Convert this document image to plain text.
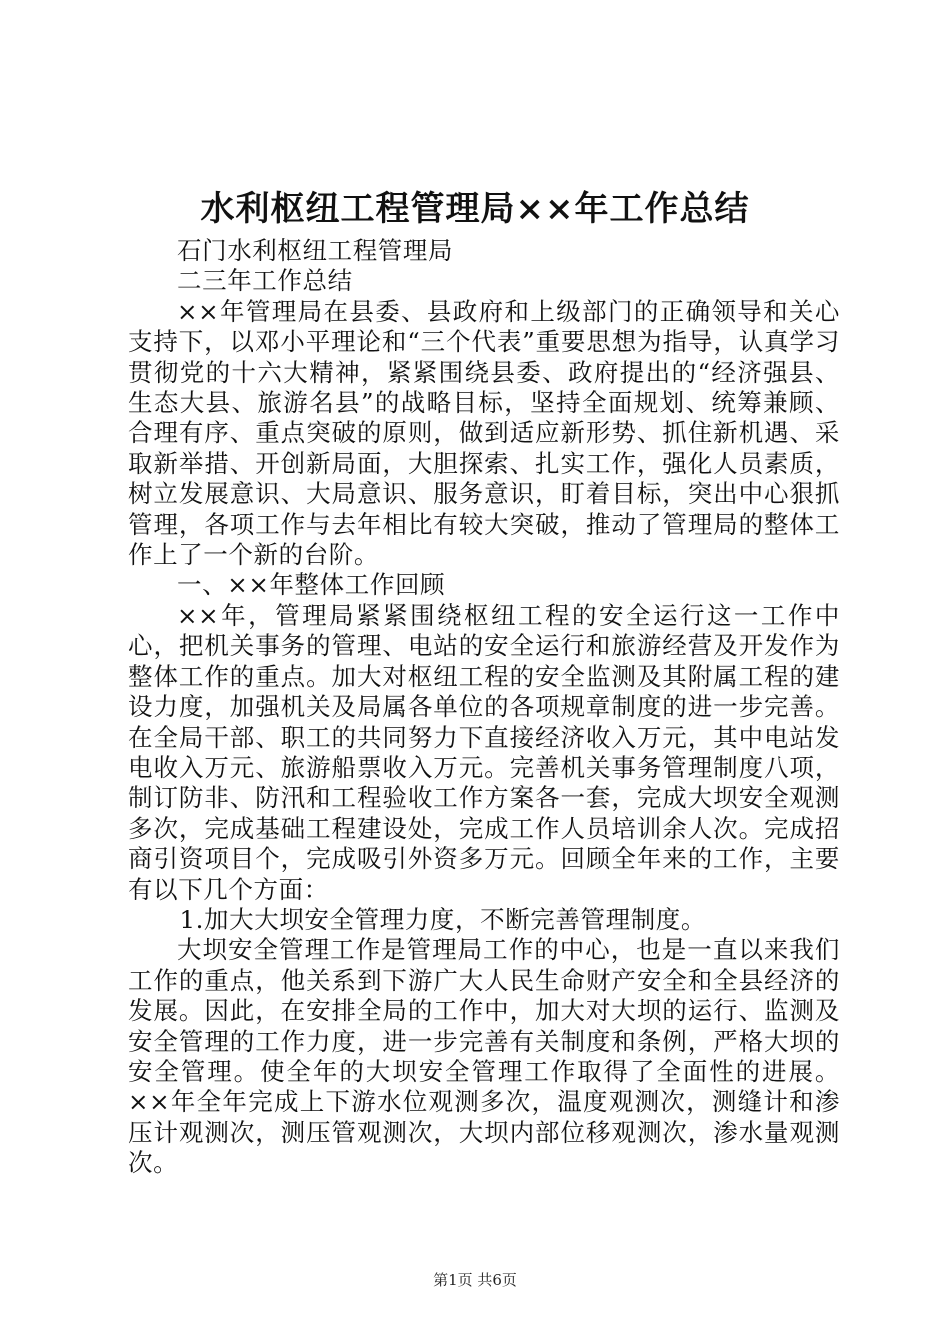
水利枢纽工程管理局××年工作总结

石门水利枢纽工程管理局

二三年工作总结

××年管理局在县委、县政府和上级部门的正确领导和关心支持下，以邓小平理论和“三个代表”重要思想为指导，认真学习贯彻党的十六大精神，紧紧围绕县委、政府提出的“经济强县、生态大县、旅游名县”的战略目标，坚持全面规划、统筹兼顾、合理有序、重点突破的原则，做到适应新形势、抓住新机遇、采取新举措、开创新局面，大胆探索、扎实工作，强化人员素质，树立发展意识、大局意识、服务意识，盯着目标，突出中心狠抓管理，各项工作与去年相比有较大突破，推动了管理局的整体工作上了一个新的台阶。

一、××年整体工作回顾

××年，管理局紧紧围绕枢纽工程的安全运行这一工作中心，把机关事务的管理、电站的安全运行和旅游经营及开发作为整体工作的重点。加大对枢纽工程的安全监测及其附属工程的建设力度，加强机关及局属各单位的各项规章制度的进一步完善。在全局干部、职工的共同努力下直接经济收入万元，其中电站发电收入万元、旅游船票收入万元。完善机关事务管理制度八项，制订防非、防汛和工程验收工作方案各一套，完成大坝安全观测多次，完成基础工程建设处，完成工作人员培训余人次。完成招商引资项目个，完成吸引外资多万元。回顾全年来的工作，主要有以下几个方面：

1.加大大坝安全管理力度，不断完善管理制度。

大坝安全管理工作是管理局工作的中心，也是一直以来我们工作的重点，他关系到下游广大人民生命财产安全和全县经济的发展。因此，在安排全局的工作中，加大对大坝的运行、监测及安全管理的工作力度，进一步完善有关制度和条例，严格大坝的安全管理。使全年的大坝安全管理工作取得了全面性的进展。××年全年完成上下游水位观测多次，温度观测次，测缝计和渗压计观测次，测压管观测次，大坝内部位移观测次，渗水量观测次。

第1页 共6页
